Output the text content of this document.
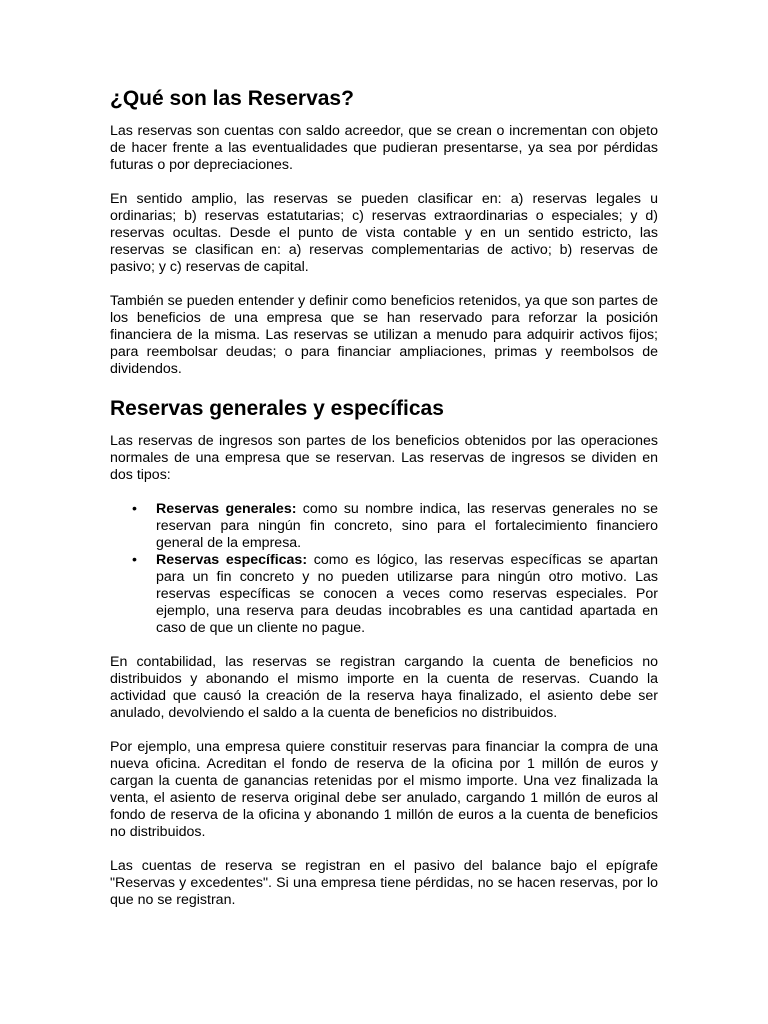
¿Qué son las Reservas?

Las reservas son cuentas con saldo acreedor, que se crean o incrementan con objeto de hacer frente a las eventualidades que pudieran presentarse, ya sea por pérdidas futuras o por depreciaciones.

En sentido amplio, las reservas se pueden clasificar en: a) reservas legales u ordinarias; b) reservas estatutarias; c) reservas extraordinarias o especiales; y d) reservas ocultas. Desde el punto de vista contable y en un sentido estricto, las reservas se clasifican en: a) reservas complementarias de activo; b) reservas de pasivo; y c) reservas de capital.

También se pueden entender y definir como beneficios retenidos, ya que son partes de los beneficios de una empresa que se han reservado para reforzar la posición financiera de la misma. Las reservas se utilizan a menudo para adquirir activos fijos; para reembolsar deudas; o para financiar ampliaciones, primas y reembolsos de dividendos.

Reservas generales y específicas

Las reservas de ingresos son partes de los beneficios obtenidos por las operaciones normales de una empresa que se reservan. Las reservas de ingresos se dividen en dos tipos:

• Reservas generales: como su nombre indica, las reservas generales no se reservan para ningún fin concreto, sino para el fortalecimiento financiero general de la empresa.
• Reservas específicas: como es lógico, las reservas específicas se apartan para un fin concreto y no pueden utilizarse para ningún otro motivo. Las reservas específicas se conocen a veces como reservas especiales. Por ejemplo, una reserva para deudas incobrables es una cantidad apartada en caso de que un cliente no pague.

En contabilidad, las reservas se registran cargando la cuenta de beneficios no distribuidos y abonando el mismo importe en la cuenta de reservas. Cuando la actividad que causó la creación de la reserva haya finalizado, el asiento debe ser anulado, devolviendo el saldo a la cuenta de beneficios no distribuidos.

Por ejemplo, una empresa quiere constituir reservas para financiar la compra de una nueva oficina. Acreditan el fondo de reserva de la oficina por 1 millón de euros y cargan la cuenta de ganancias retenidas por el mismo importe. Una vez finalizada la venta, el asiento de reserva original debe ser anulado, cargando 1 millón de euros al fondo de reserva de la oficina y abonando 1 millón de euros a la cuenta de beneficios no distribuidos.

Las cuentas de reserva se registran en el pasivo del balance bajo el epígrafe "Reservas y excedentes". Si una empresa tiene pérdidas, no se hacen reservas, por lo que no se registran.
